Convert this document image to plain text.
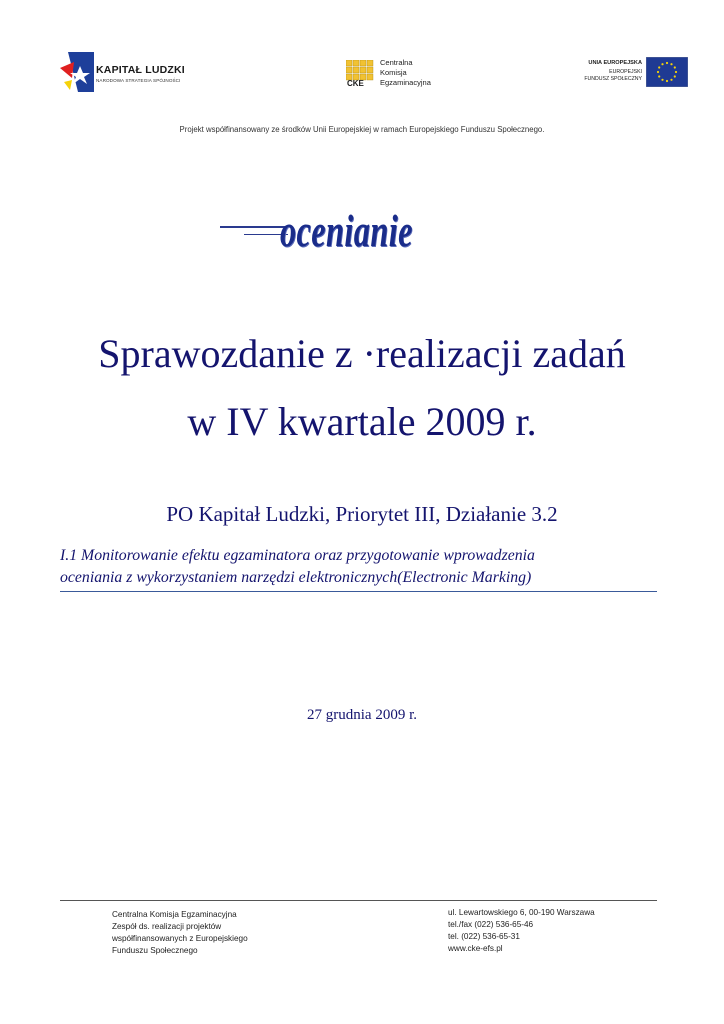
KAPITAŁ LUDZKI
NARODOWA STRATEGIA SPÓJNOŚCI	CKE
Centralna
Komisja
Egzaminacyjna
UNIA EUROPEJSKA
EUROPEJSKI
FUNDUSZ SPOŁECZNY
Projekt współfinansowany ze środków Unii Europejskiej w ramach Europejskiego Funduszu Społecznego.
ocenianie
Sprawozdanie z ·realizacji zadań
w IV kwartale 2009 r.
PO Kapitał Ludzki, Priorytet III, Działanie 3.2
I.1 Monitorowanie efektu egzaminatora oraz przygotowanie wprowadzenia
oceniania z wykorzystaniem narzędzi elektronicznych(Electronic Marking)
27 grudnia 2009 r.
Centralna Komisja Egzaminacyjna
Zespół ds. realizacji projektów
współfinansowanych z Europejskiego
Funduszu Społecznego
ul. Lewartowskiego 6, 00-190 Warszawa
tel./fax (022) 536-65-46
tel. (022) 536-65-31
www.cke-efs.pl
